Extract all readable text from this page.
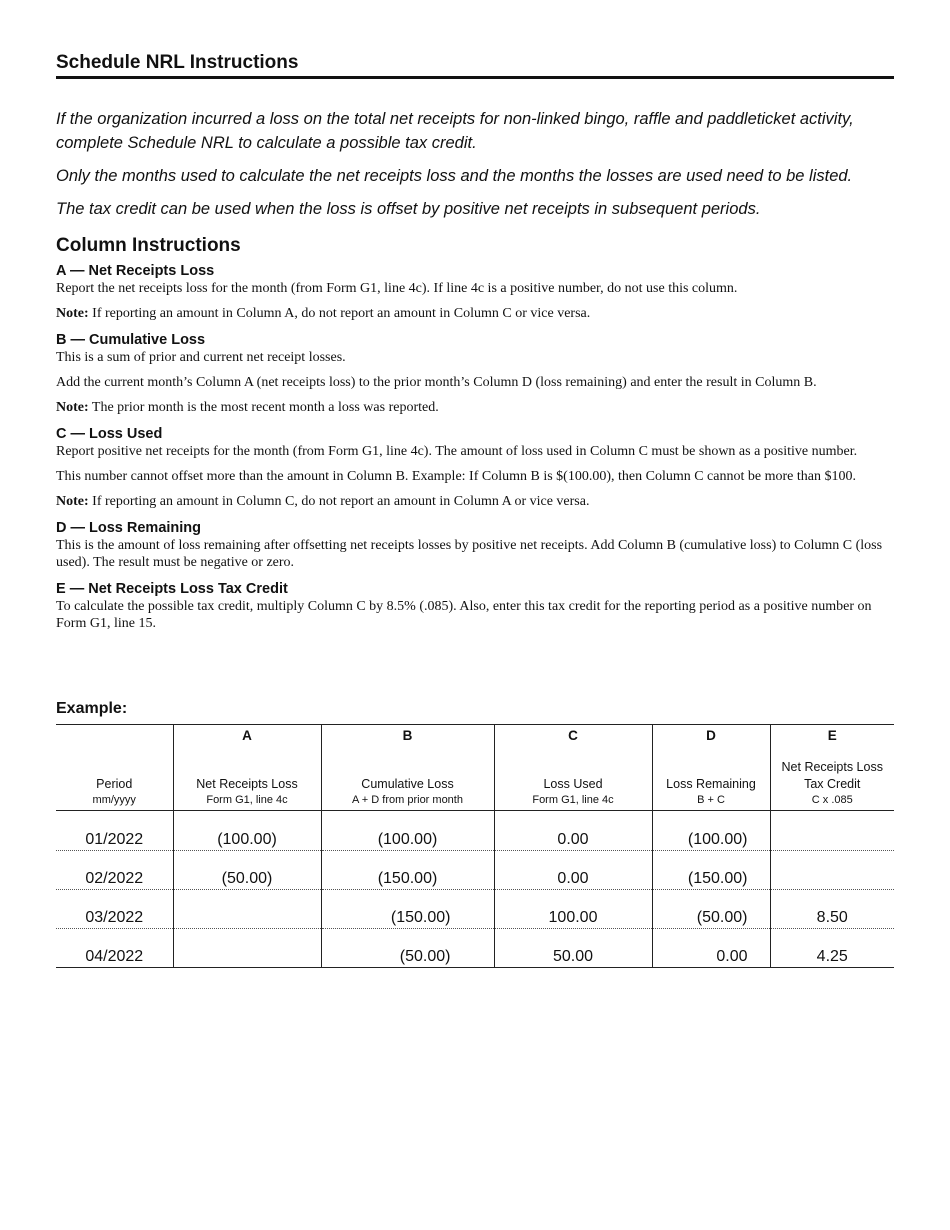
Schedule NRL Instructions

If the organization incurred a loss on the total net receipts for non-linked bingo, raffle and paddleticket activity, complete Schedule NRL to calculate a possible tax credit.

Only the months used to calculate the net receipts loss and the months the losses are used need to be listed.

The tax credit can be used when the loss is offset by positive net receipts in subsequent periods.

Column Instructions
A — Net Receipts Loss

Report the net receipts loss for the month (from Form G1, line 4c). If line 4c is a positive number, do not use this column.

Note: If reporting an amount in Column A, do not report an amount in Column C or vice versa.

B — Cumulative Loss

This is a sum of prior and current net receipt losses.

Add the current month’s Column A (net receipts loss) to the prior month’s Column D (loss remaining) and enter the result in Column B.

Note: The prior month is the most recent month a loss was reported.

C — Loss Used

Report positive net receipts for the month (from Form G1, line 4c). The amount of loss used in Column C must be shown as a positive number.

This number cannot offset more than the amount in Column B. Example: If Column B is $(100.00), then Column C cannot be more than $100.

Note: If reporting an amount in Column C, do not report an amount in Column A or vice versa.

D — Loss Remaining

This is the amount of loss remaining after offsetting net receipts losses by positive net receipts. Add Column B (cumulative loss) to Column C (loss used). The result must be negative or zero.

E — Net Receipts Loss Tax Credit

To calculate the possible tax credit, multiply Column C by 8.5% (.085). Also, enter this tax credit for the reporting period as a positive number on Form G1, line 15.

Example:
	A	B	C	D	E
Period	Net Receipts Loss	Cumulative Loss	Loss Used	Loss Remaining	Net Receipts Loss
Tax Credit
mm/yyyy	Form G1, line 4c	A + D from prior month	Form G1, line 4c	B + C	C x .085
01/2022	(100.00)	(100.00)	0.00	(100.00)	
02/2022	(50.00)	(150.00)	0.00	(150.00)	
03/2022		(150.00)	100.00	(50.00)	8.50
04/2022		(50.00)	50.00	0.00	4.25
